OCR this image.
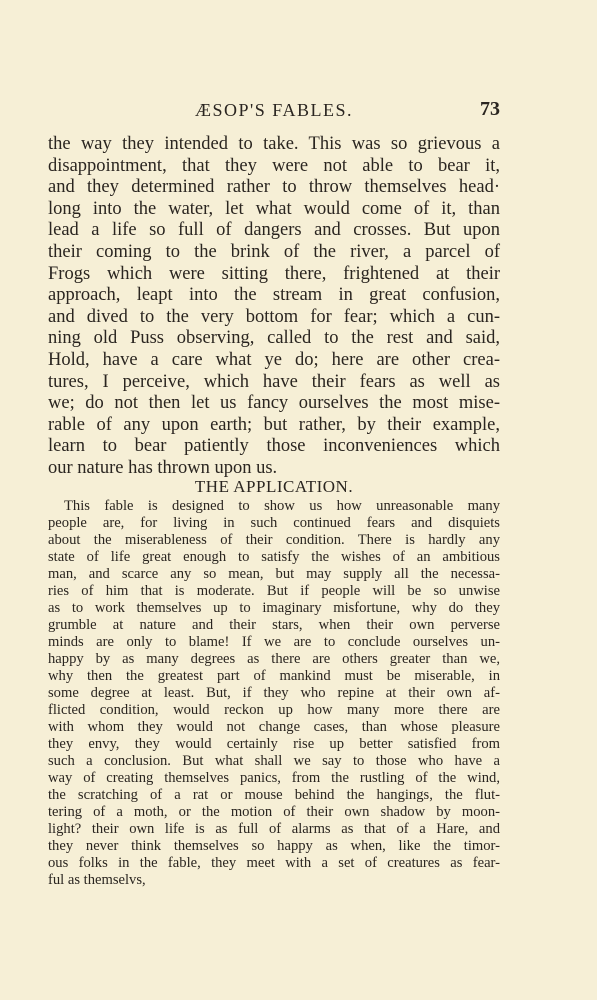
ÆSOP'S FABLES.	73
the way they intended to take. This was so grievous a
disappointment, that they were not able to bear it,
and they determined rather to throw themselves head·
long into the water, let what would come of it, than
lead a life so full of dangers and crosses. But upon
their coming to the brink of the river, a parcel of
Frogs which were sitting there, frightened at their
approach, leapt into the stream in great confusion,
and dived to the very bottom for fear; which a cun-
ning old Puss observing, called to the rest and said,
Hold, have a care what ye do; here are other crea-
tures, I perceive, which have their fears as well as
we; do not then let us fancy ourselves the most mise-
rable of any upon earth; but rather, by their example,
learn to bear patiently those inconveniences which
our nature has thrown upon us.
THE APPLICATION.
This fable is designed to show us how unreasonable many
people are, for living in such continued fears and disquiets
about the miserableness of their condition. There is hardly any
state of life great enough to satisfy the wishes of an ambitious
man, and scarce any so mean, but may supply all the necessa-
ries of him that is moderate. But if people will be so unwise
as to work themselves up to imaginary misfortune, why do they
grumble at nature and their stars, when their own perverse
minds are only to blame! If we are to conclude ourselves un-
happy by as many degrees as there are others greater than we,
why then the greatest part of mankind must be miserable, in
some degree at least. But, if they who repine at their own af-
flicted condition, would reckon up how many more there are
with whom they would not change cases, than whose pleasure
they envy, they would certainly rise up better satisfied from
such a conclusion. But what shall we say to those who have a
way of creating themselves panics, from the rustling of the wind,
the scratching of a rat or mouse behind the hangings, the flut-
tering of a moth, or the motion of their own shadow by moon-
light? their own life is as full of alarms as that of a Hare, and
they never think themselves so happy as when, like the timor-
ous folks in the fable, they meet with a set of creatures as fear-
ful as themselvs,
